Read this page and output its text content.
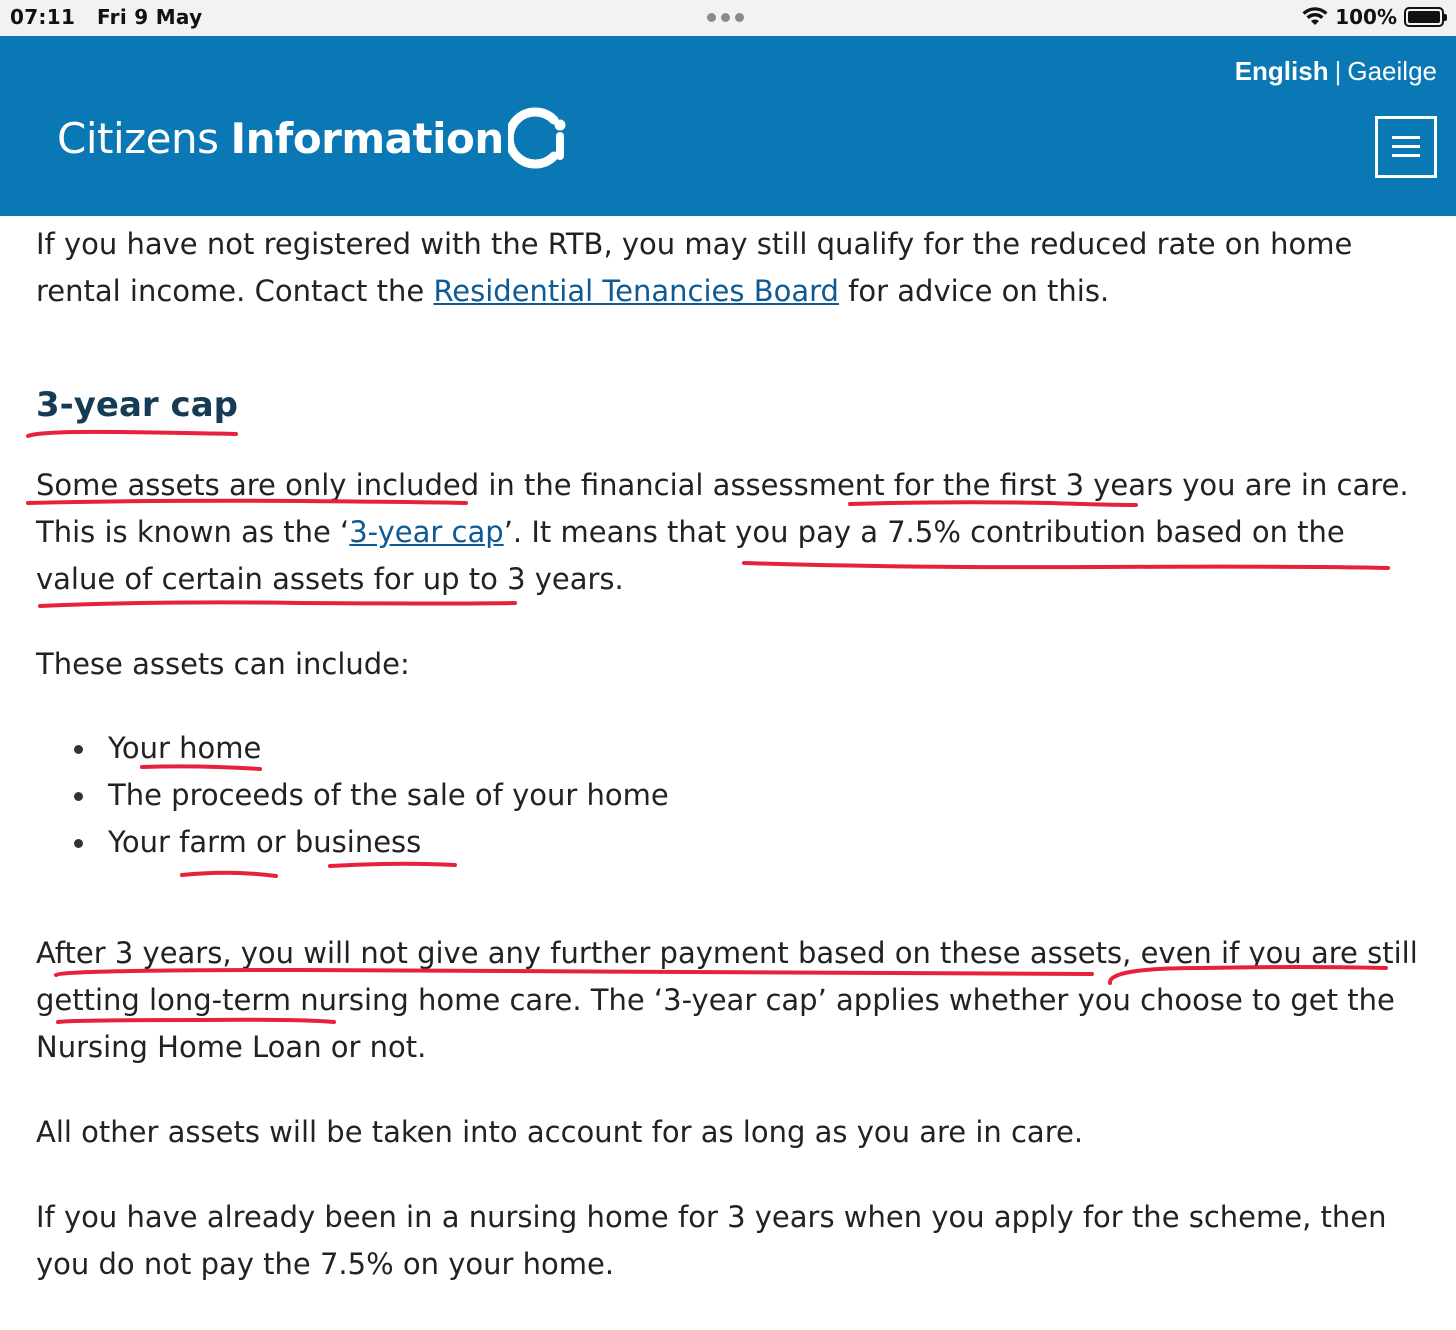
07:11 Fri 9 May	100%
English | Gaeilge
Citizens Information

If you have not registered with the RTB, you may still qualify for the reduced rate on home rental income. Contact the Residential Tenancies Board for advice on this.

3-year cap

Some assets are only included in the financial assessment for the first 3 years you are in care. This is known as the ‘3-year cap’. It means that you pay a 7.5% contribution based on the value of certain assets for up to 3 years.

These assets can include:

Your home
The proceeds of the sale of your home
Your farm or business

After 3 years, you will not give any further payment based on these assets, even if you are still getting long-term nursing home care. The ‘3-year cap’ applies whether you choose to get the Nursing Home Loan or not.

All other assets will be taken into account for as long as you are in care.

If you have already been in a nursing home for 3 years when you apply for the scheme, then you do not pay the 7.5% on your home.
